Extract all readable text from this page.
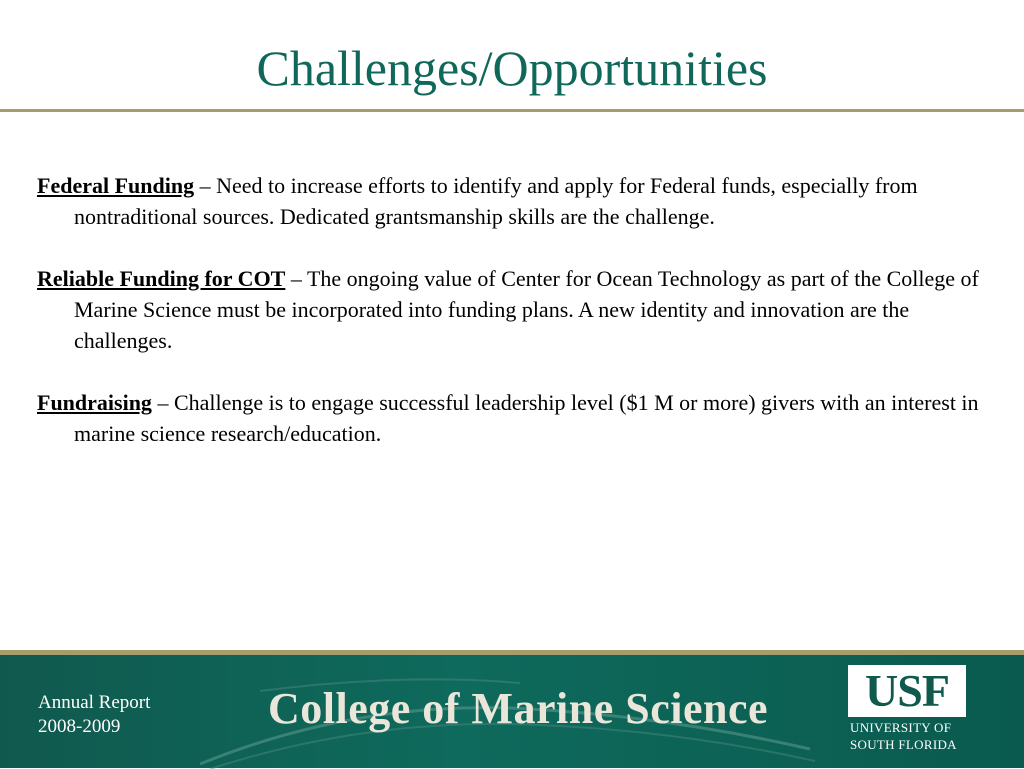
Challenges/Opportunities

Federal Funding – Need to increase efforts to identify and apply for Federal funds, especially from nontraditional sources. Dedicated grantsmanship skills are the challenge.

Reliable Funding for COT – The ongoing value of Center for Ocean Technology as part of the College of Marine Science must be incorporated into funding plans. A new identity and innovation are the challenges.

Fundraising – Challenge is to engage successful leadership level ($1 M or more) givers with an interest in marine science research/education.

Annual Report
2008-2009	College of Marine Science USF
UNIVERSITY OF
SOUTH FLORIDA
